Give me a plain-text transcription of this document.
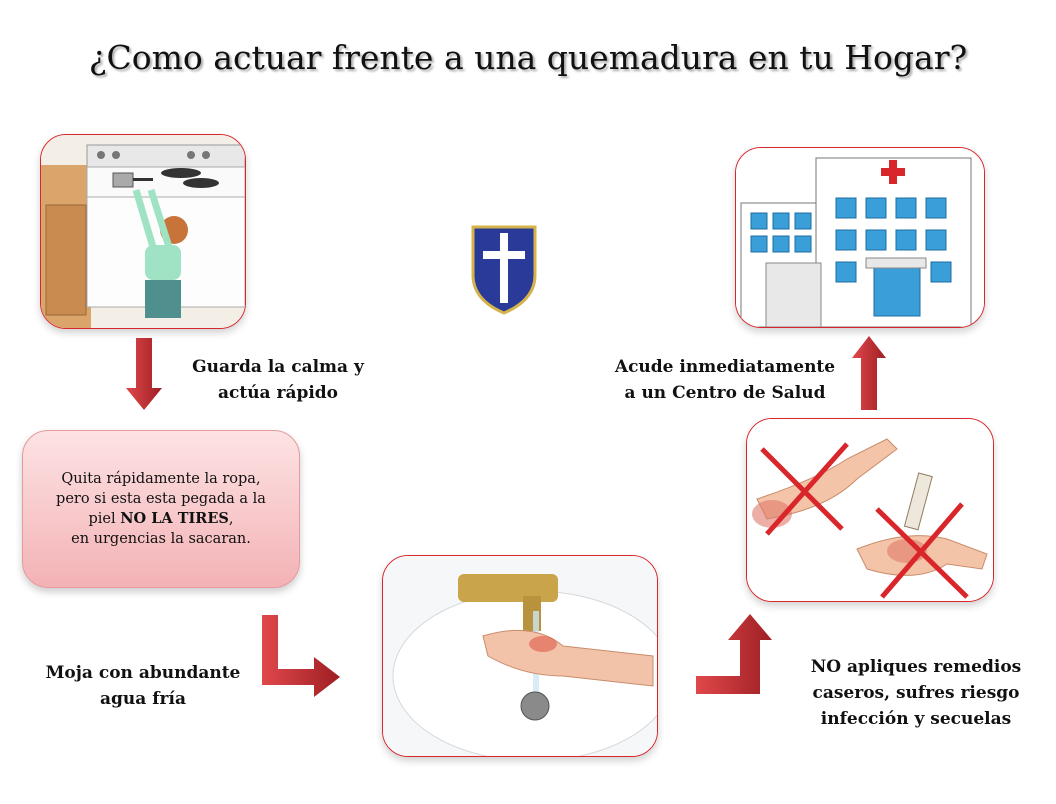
¿Como actuar frente a una quemadura en tu Hogar?
Guarda la calma y
actúa rápido

Quita rápidamente la ropa,
pero si esta esta pegada a la
piel NO LA TIRES,
en urgencias la sacaran.

Moja con abundante
agua fría
NO apliques remedios
caseros, sufres riesgo
infección y secuelas
Acude inmediatamente
a un Centro de Salud
